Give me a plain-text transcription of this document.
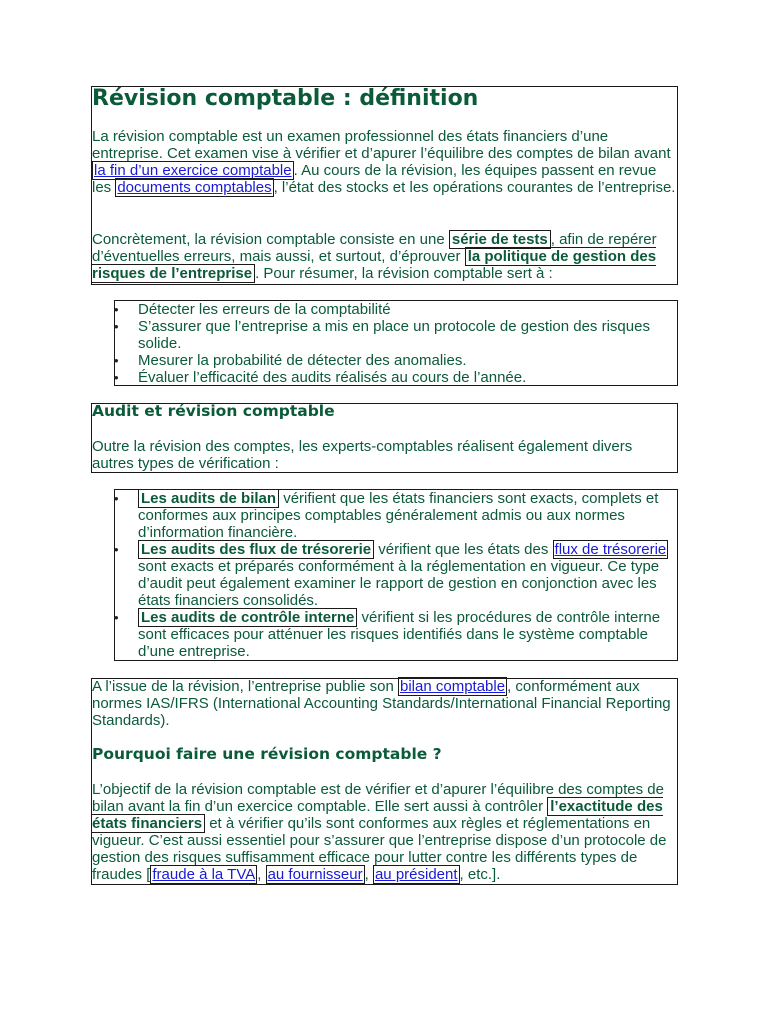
Révision comptable : définition
La révision comptable est un examen professionnel des états financiers d’une entreprise. Cet examen vise à vérifier et d’apurer l’équilibre des comptes de bilan avant la fin d’un exercice comptable . Au cours de la révision, les équipes passent en revue les documents comptables , l’état des stocks et les opérations courantes de l’entreprise.
Concrètement, la révision comptable consiste en une série de tests , afin de repérer d’éventuelles erreurs, mais aussi, et surtout, d’éprouver la politique de gestion des risques de l’entreprise . Pour résumer, la révision comptable sert à :
• Détecter les erreurs de la comptabilité
• S’assurer que l’entreprise a mis en place un protocole de gestion des risques solide.
• Mesurer la probabilité de détecter des anomalies.
• Évaluer l’efficacité des audits réalisés au cours de l’année.
Audit et révision comptable
Outre la révision des comptes, les experts-comptables réalisent également divers autres types de vérification :
• Les audits de bilan vérifient que les états financiers sont exacts, complets et conformes aux principes comptables généralement admis ou aux normes d’information financière.
• Les audits des flux de trésorerie vérifient que les états des flux de trésorerie sont exacts et préparés conformément à la réglementation en vigueur. Ce type d’audit peut également examiner le rapport de gestion en conjonction avec les états financiers consolidés.
• Les audits de contrôle interne vérifient si les procédures de contrôle interne sont efficaces pour atténuer les risques identifiés dans le système comptable d’une entreprise.
A l’issue de la révision, l’entreprise publie son bilan comptable , conformément aux normes IAS/IFRS (International Accounting Standards/International Financial Reporting Standards).
Pourquoi faire une révision comptable ?
L’objectif de la révision comptable est de vérifier et d’apurer l’équilibre des comptes de bilan avant la fin d’un exercice comptable. Elle sert aussi à contrôler l’exactitude des états financiers et à vérifier qu’ils sont conformes aux règles et réglementations en vigueur. C’est aussi essentiel pour s’assurer que l’entreprise dispose d’un protocole de gestion des risques suffisamment efficace pour lutter contre les différents types de fraudes [ fraude à la TVA , au fournisseur , au président , etc.].
